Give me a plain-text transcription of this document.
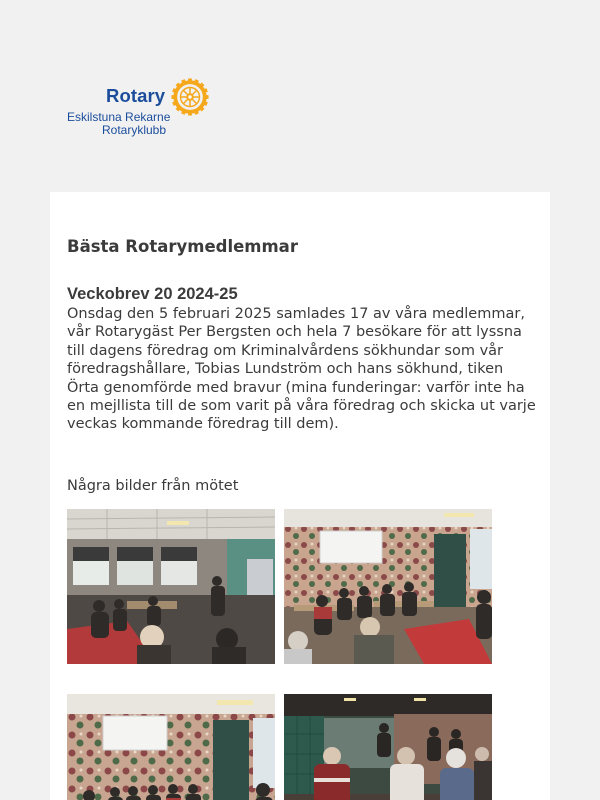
Rotary
Eskilstuna Rekarne
Rotaryklubb

Bästa Rotarymedlemmar

Veckobrev 20 2024-25

Onsdag den 5 februari 2025 samlades 17 av våra medlemmar, vår Rotarygäst Per Bergsten och hela 7 besökare för att lyssna till dagens föredrag om Kriminalvårdens sökhundar som vår föredragshållare, Tobias Lundström och hans sökhund, tiken Örta genomförde med bravur (mina funderingar: varför inte ha en mejllista till de som varit på våra föredrag och skicka ut varje veckas kommande föredrag till dem).

Några bilder från mötet
